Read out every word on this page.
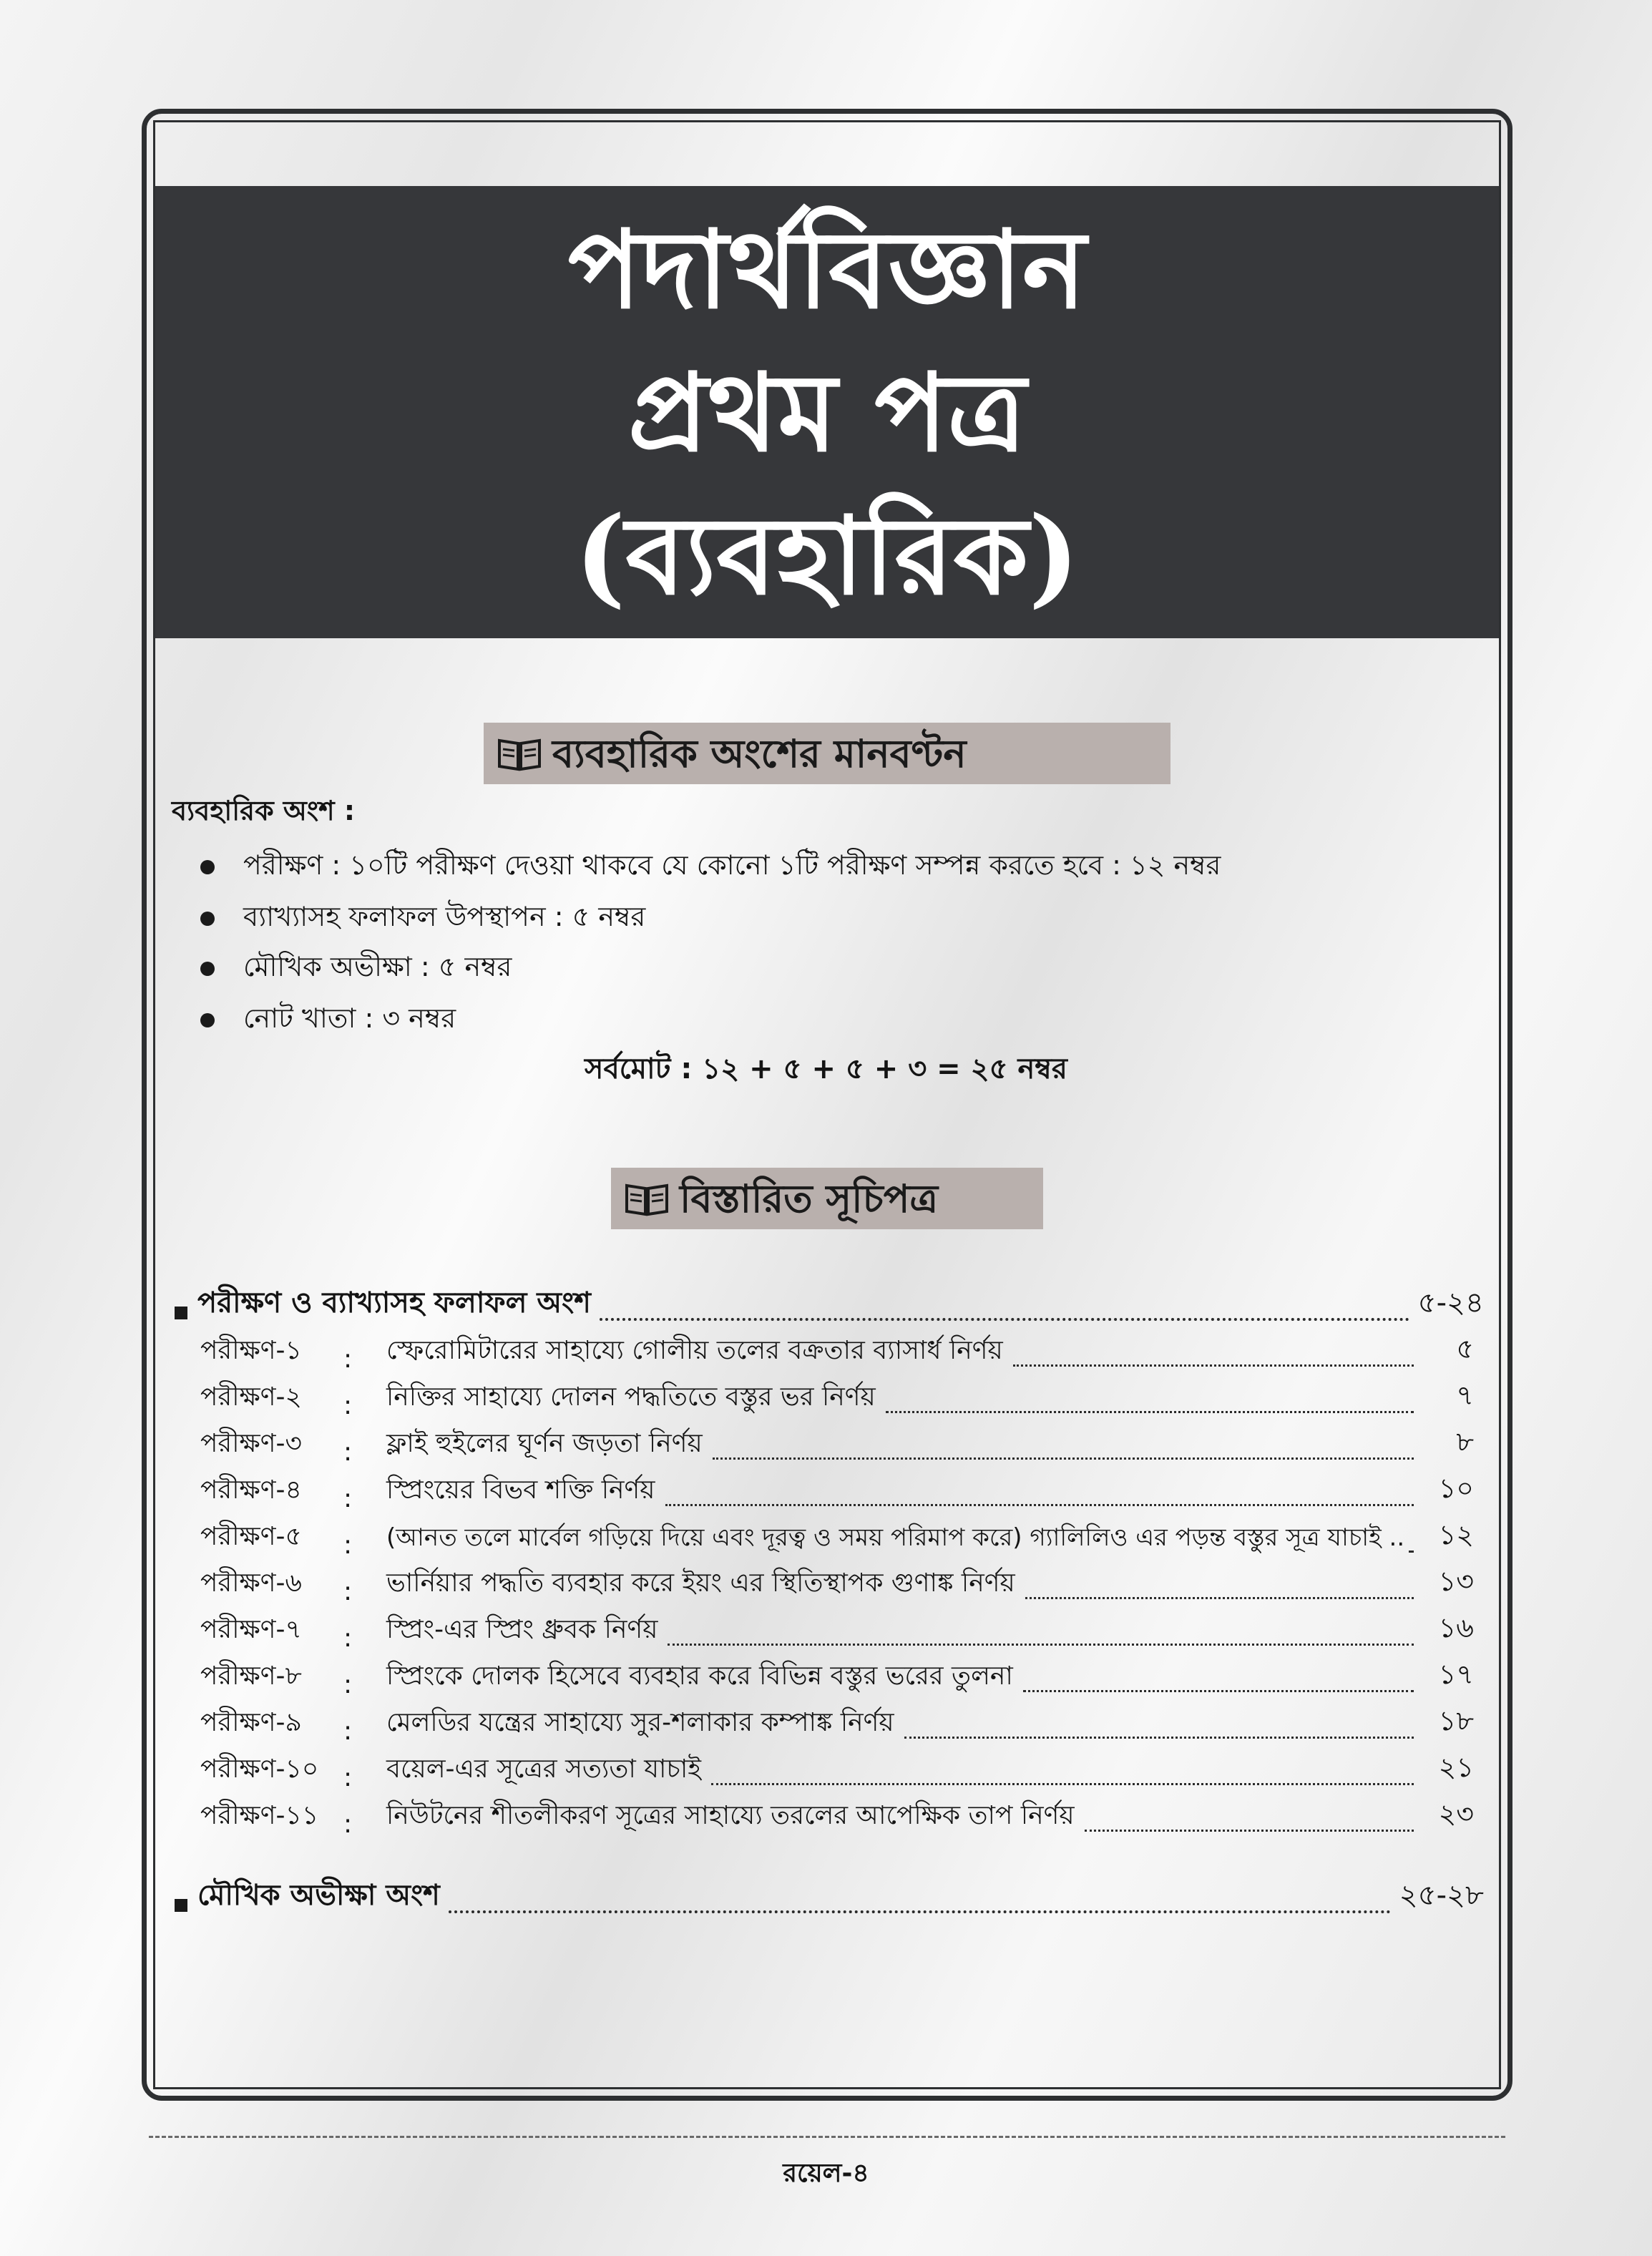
পদার্থবিজ্ঞান
প্রথম পত্র
(ব্যবহারিক)
ব্যবহারিক অংশের মানবণ্টন
ব্যবহারিক অংশ :
পরীক্ষণ : ১০টি পরীক্ষণ দেওয়া থাকবে যে কোনো ১টি পরীক্ষণ সম্পন্ন করতে হবে : ১২ নম্বর
ব্যাখ্যাসহ ফলাফল উপস্থাপন : ৫ নম্বর
মৌখিক অভীক্ষা : ৫ নম্বর
নোট খাতা : ৩ নম্বর
সর্বমোট : ১২ + ৫ + ৫ + ৩ = ২৫ নম্বর
বিস্তারিত সূচিপত্র
পরীক্ষণ ও ব্যাখ্যাসহ ফলাফল অংশ	৫-২৪
পরীক্ষণ-১	:	স্ফেরোমিটারের সাহায্যে গোলীয় তলের বক্রতার ব্যাসার্ধ নির্ণয়	৫
পরীক্ষণ-২	:	নিক্তির সাহায্যে দোলন পদ্ধতিতে বস্তুর ভর নির্ণয়	৭
পরীক্ষণ-৩	:	ফ্লাই হুইলের ঘূর্ণন জড়তা নির্ণয়	৮
পরীক্ষণ-৪	:	স্প্রিংয়ের বিভব শক্তি নির্ণয়	১০
পরীক্ষণ-৫	:	(আনত তলে মার্বেল গড়িয়ে দিয়ে এবং দূরত্ব ও সময় পরিমাপ করে) গ্যালিলিও এর পড়ন্ত বস্তুর সূত্র যাচাই ..	১২
পরীক্ষণ-৬	:	ভার্নিয়ার পদ্ধতি ব্যবহার করে ইয়ং এর স্থিতিস্থাপক গুণাঙ্ক নির্ণয়	১৩
পরীক্ষণ-৭	:	স্প্রিং-এর স্প্রিং ধ্রুবক নির্ণয়	১৬
পরীক্ষণ-৮	:	স্প্রিংকে দোলক হিসেবে ব্যবহার করে বিভিন্ন বস্তুর ভরের তুলনা	১৭
পরীক্ষণ-৯	:	মেলডির যন্ত্রের সাহায্যে সুর-শলাকার কম্পাঙ্ক নির্ণয়	১৮
পরীক্ষণ-১০ :	বয়েল-এর সূত্রের সত্যতা যাচাই	২১
পরীক্ষণ-১১ :	নিউটনের শীতলীকরণ সূত্রের সাহায্যে তরলের আপেক্ষিক তাপ নির্ণয়	২৩
মৌখিক অভীক্ষা অংশ	২৫-২৮
রয়েল-৪
